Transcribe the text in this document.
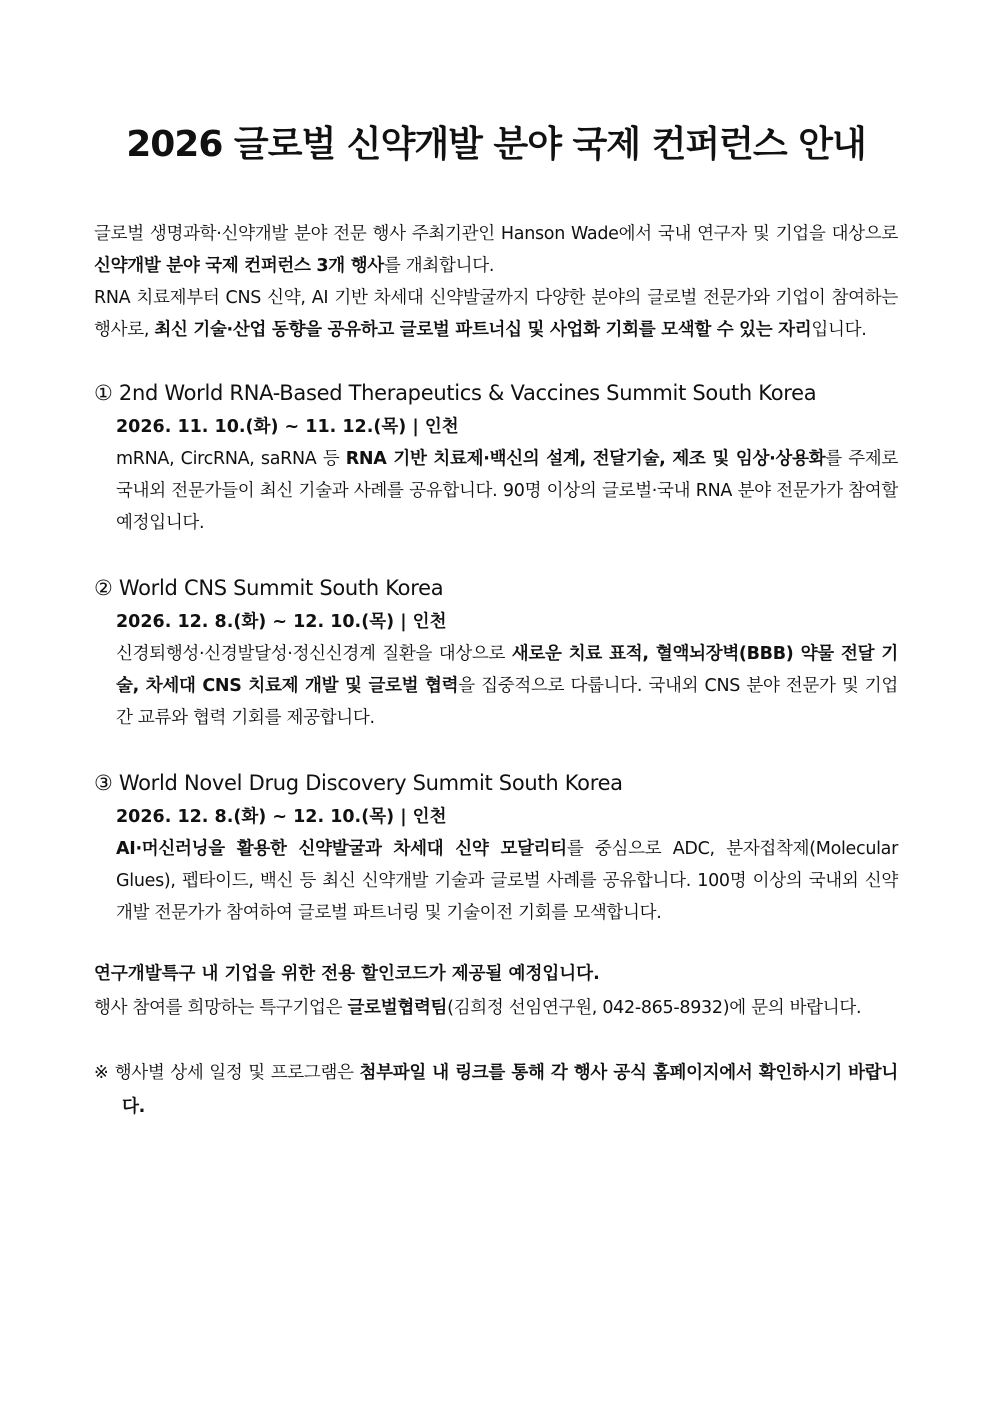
2026 글로벌 신약개발 분야 국제 컨퍼런스 안내

글로벌 생명과학·신약개발 분야 전문 행사 주최기관인 Hanson Wade에서 국내 연구자 및 기업을 대상으로 신약개발 분야 국제 컨퍼런스 3개 행사를 개최합니다.

RNA 치료제부터 CNS 신약, AI 기반 차세대 신약발굴까지 다양한 분야의 글로벌 전문가와 기업이 참여하는 행사로, 최신 기술·산업 동향을 공유하고 글로벌 파트너십 및 사업화 기회를 모색할 수 있는 자리입니다.

① 2nd World RNA-Based Therapeutics & Vaccines Summit South Korea

2026. 11. 10.(화) ~ 11. 12.(목) | 인천

mRNA, CircRNA, saRNA 등 RNA 기반 치료제·백신의 설계, 전달기술, 제조 및 임상·상용화를 주제로 국내외 전문가들이 최신 기술과 사례를 공유합니다. 90명 이상의 글로벌·국내 RNA 분야 전문가가 참여할 예정입니다.

② World CNS Summit South Korea

2026. 12. 8.(화) ~ 12. 10.(목) | 인천

신경퇴행성·신경발달성·정신신경계 질환을 대상으로 새로운 치료 표적, 혈액뇌장벽(BBB) 약물 전달 기술, 차세대 CNS 치료제 개발 및 글로벌 협력을 집중적으로 다룹니다. 국내외 CNS 분야 전문가 및 기업 간 교류와 협력 기회를 제공합니다.

③ World Novel Drug Discovery Summit South Korea

2026. 12. 8.(화) ~ 12. 10.(목) | 인천

AI·머신러닝을 활용한 신약발굴과 차세대 신약 모달리티를 중심으로 ADC, 분자접착제(Molecular Glues), 펩타이드, 백신 등 최신 신약개발 기술과 글로벌 사례를 공유합니다. 100명 이상의 국내외 신약개발 전문가가 참여하여 글로벌 파트너링 및 기술이전 기회를 모색합니다.

연구개발특구 내 기업을 위한 전용 할인코드가 제공될 예정입니다.

행사 참여를 희망하는 특구기업은 글로벌협력팀(김희정 선임연구원, 042-865-8932)에 문의 바랍니다.

※ 행사별 상세 일정 및 프로그램은 첨부파일 내 링크를 통해 각 행사 공식 홈페이지에서 확인하시기 바랍니다.
